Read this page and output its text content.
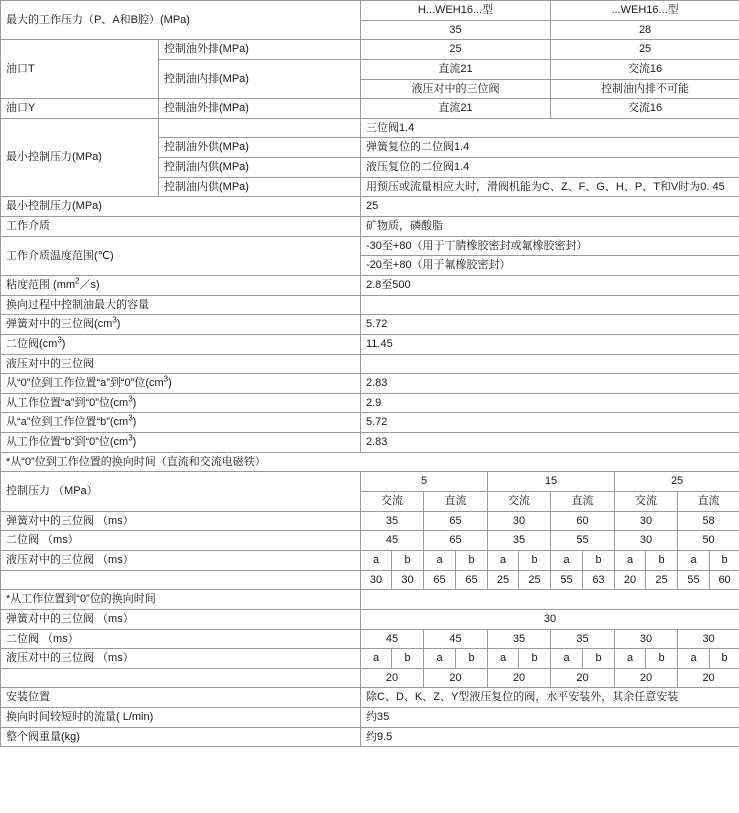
最大的工作压力（P、A和B腔）(MPa)		H...WEH16...型						...WEH16...型					
		35						28					
油口T	控制油外排(MPa)	25						25					
	控制油内排(MPa)	直流21						交流16					
		液压对中的三位阀						控制油内排不可能					
油口Y	控制油外排(MPa)	直流21						交流16					
最小控制压力(MPa)		三位阀1.4											
	控制油外供(MPa)	弹簧复位的二位阀1.4											
	控制油内供(MPa)	液压复位的二位阀1.4											
	控制油内供(MPa)	用预压或流量相应大时，滑阀机能为C、Z、F、G、H、P、T和V时为0. 45											
最小控制压力(MPa)		25											
工作介质		矿物质，磷酸脂											
工作介质温度范围(℃)		-30至+80（用于丁腈橡胶密封或氟橡胶密封）											
		-20至+80（用于氟橡胶密封）											
粘度范围 $(mm^2/s)$		2.8至500											
换向过程中控制油最大的容量													
弹簧对中的三位阀$(cm^3)$		5.72											
二位阀$(cm^3)$		11.45											
液压对中的三位阀													
从“0”位到工作位置“a”到“0”位$(cm^3)$		2.83											
从工作位置“a”到“0”位$(cm^3)$		2.9											
从“a”位到工作位置“$b”(cm^3)$		5.72											
从工作位置“b”到“0”位$(cm^3)$		2.83											
*从“0”位到工作位置的换向时间（直流和交流电磁铁）													
控制压力 （MPa）		5				15				25			
		交流		直流		交流		直流		交流		直流	
弹簧对中的三位阀 （ms）		35		65		30		60		30		58	
二位阀 （ms）		45		65		35		55		30		50	
液压对中的三位阀 （ms）		a	b	a	b	a	b	a	b	a	b	a	b
		30	30	65	65	25	25	55	63	20	25	55	60
*从工作位置到“0”位的换向时间													
弹簧对中的三位阀 （ms）		30											
二位阀 （ms）		45		45		35		35		30		30	
液压对中的三位阀 （ms）		a	b	a	b	a	b	a	b	a	b	a	b
		20		20		20		20		20		20	
安装位置		除C、D、K、Z、Y型液压复位的阀，水平安装外，其余任意安装											
换向时间较短时的流量( L/min)		约35											
整个阀重量(kg)		约9.5											
